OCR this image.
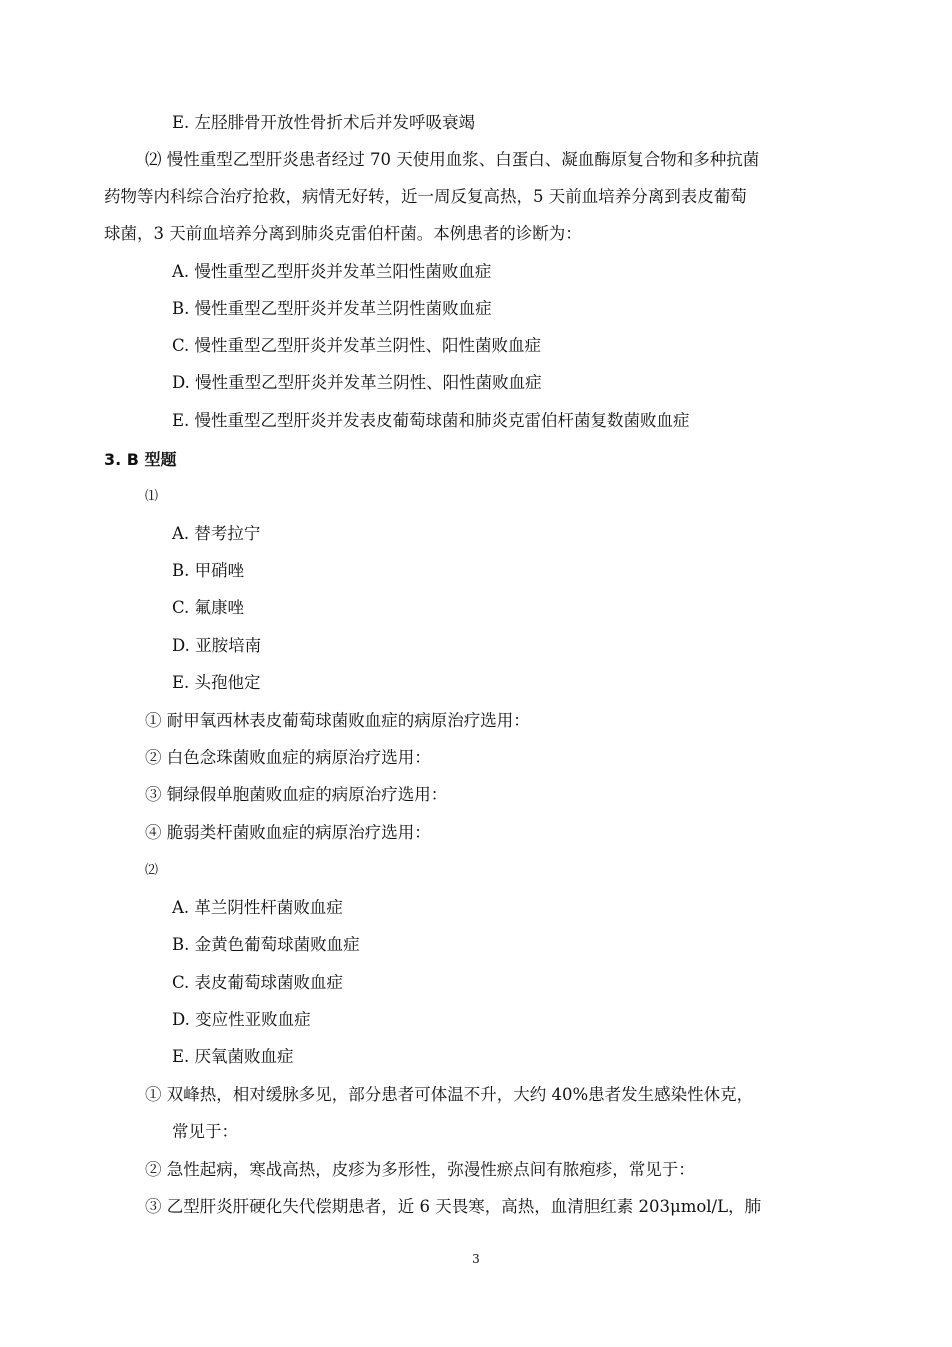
E. 左胫腓骨开放性骨折术后并发呼吸衰竭
⑵ 慢性重型乙型肝炎患者经过 70 天使用血浆、白蛋白、凝血酶原复合物和多种抗菌
药物等内科综合治疗抢救，病情无好转，近一周反复高热，5 天前血培养分离到表皮葡萄
球菌，3 天前血培养分离到肺炎克雷伯杆菌。本例患者的诊断为：
A. 慢性重型乙型肝炎并发革兰阳性菌败血症
B. 慢性重型乙型肝炎并发革兰阴性菌败血症
C. 慢性重型乙型肝炎并发革兰阴性、阳性菌败血症
D. 慢性重型乙型肝炎并发革兰阴性、阳性菌败血症
E. 慢性重型乙型肝炎并发表皮葡萄球菌和肺炎克雷伯杆菌复数菌败血症
3. B 型题
⑴
A. 替考拉宁
B. 甲硝唑
C. 氟康唑
D. 亚胺培南
E. 头孢他定
① 耐甲氧西林表皮葡萄球菌败血症的病原治疗选用：
② 白色念珠菌败血症的病原治疗选用：
③ 铜绿假单胞菌败血症的病原治疗选用：
④ 脆弱类杆菌败血症的病原治疗选用：
⑵
A. 革兰阴性杆菌败血症
B. 金黄色葡萄球菌败血症
C. 表皮葡萄球菌败血症
D. 变应性亚败血症
E. 厌氧菌败血症
① 双峰热，相对缓脉多见，部分患者可体温不升，大约 40%患者发生感染性休克，
常见于：
② 急性起病，寒战高热，皮疹为多形性，弥漫性瘀点间有脓疱疹，常见于：
③ 乙型肝炎肝硬化失代偿期患者，近 6 天畏寒，高热，血清胆红素 203μmol/L，肺
3
